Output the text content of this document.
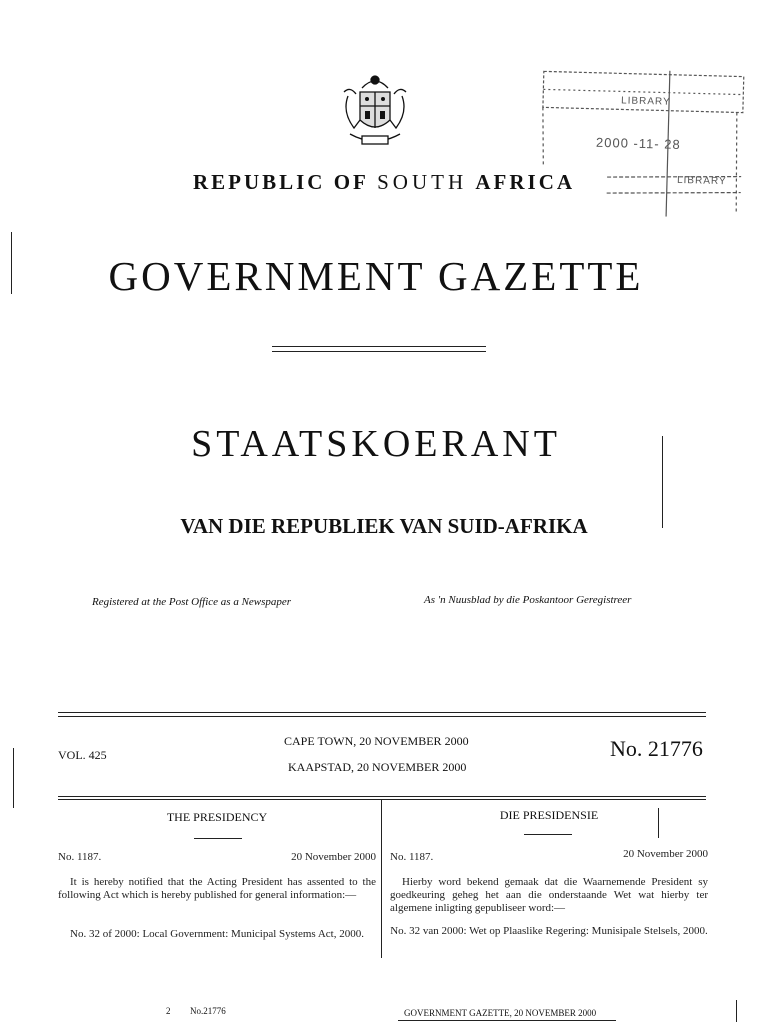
LIBRARY
2000 -11- 28
LIBRARY
REPUBLIC OF SOUTH AFRICA
GOVERNMENT GAZETTE
STAATSKOERANT
VAN DIE REPUBLIEK VAN SUID-AFRIKA
Registered at the Post Office as a Newspaper	As 'n Nuusblad by die Poskantoor Geregistreer
VOL. 425
CAPE TOWN, 20 NOVEMBER 2000
KAAPSTAD, 20 NOVEMBER 2000
No. 21776
THE PRESIDENCY
No. 1187.	20 November 2000
It is hereby notified that the Acting President has assented to the following Act which is hereby published for general information:—
No. 32 of 2000: Local Government: Municipal Systems Act, 2000.
DIE PRESIDENSIE
No. 1187.	20 November 2000
Hierby word bekend gemaak dat die Waarnemende President sy goedkeuring geheg het aan die onderstaande Wet wat hierby ter algemene inligting gepubliseer word:—
No. 32 van 2000: Wet op Plaaslike Regering: Munisipale Stelsels, 2000.
2 No.21776	GOVERNMENT GAZETTE, 20 NOVEMBER 2000
